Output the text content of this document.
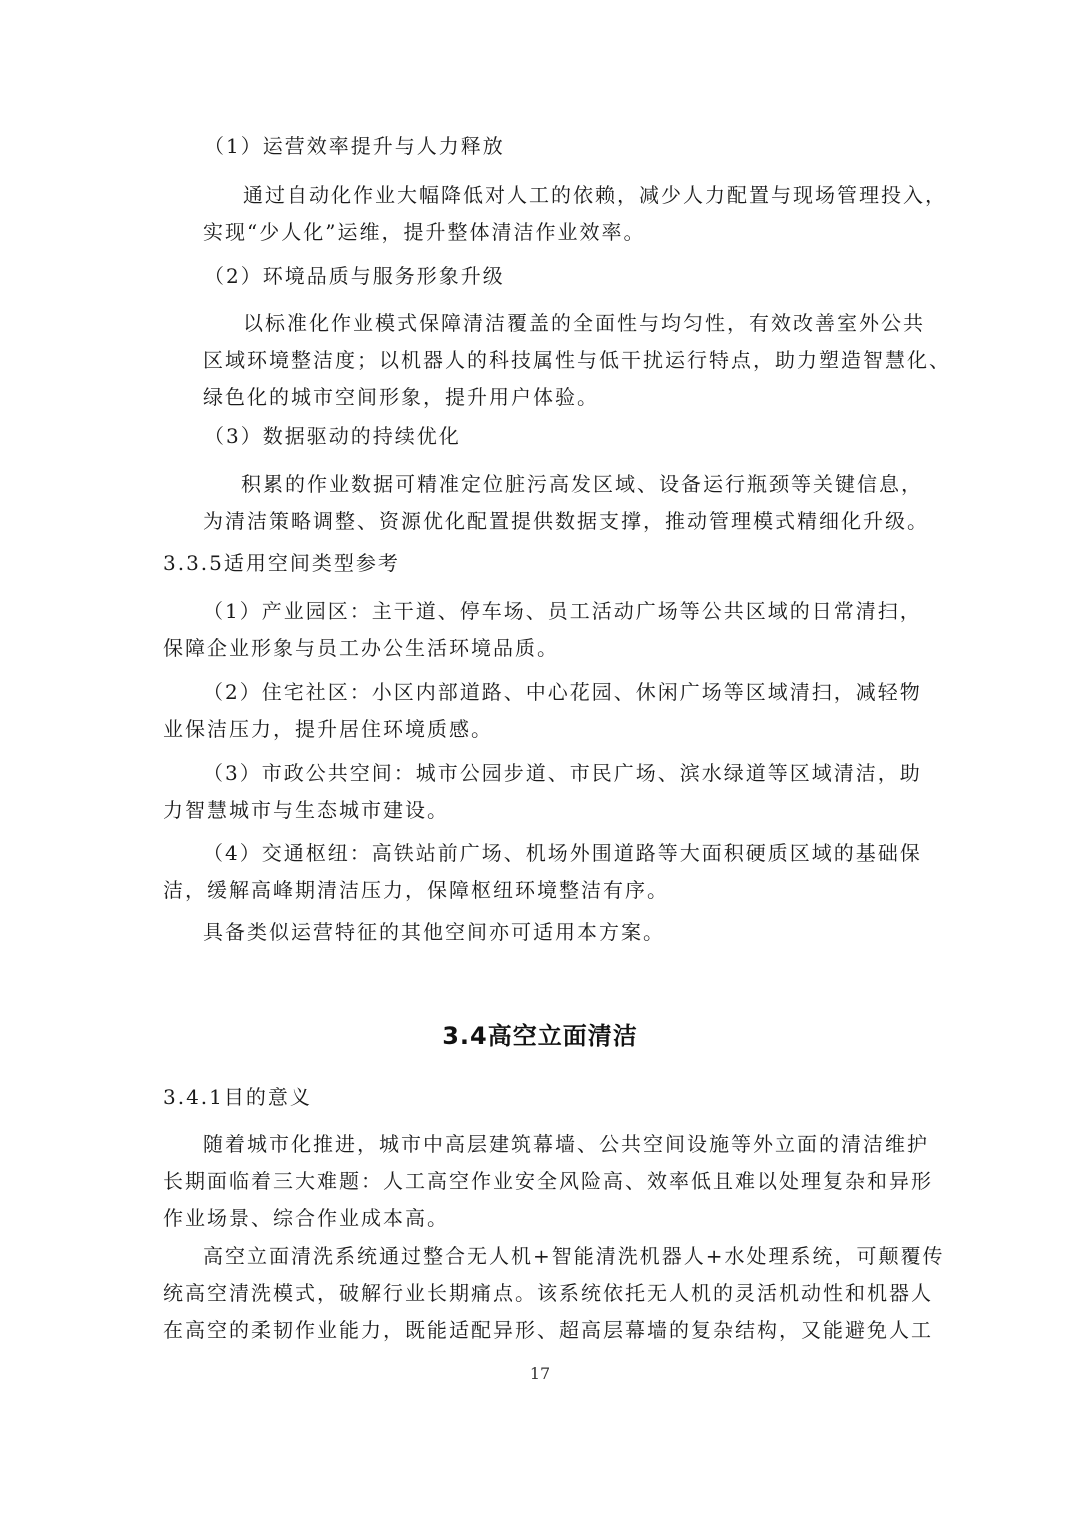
（1）运营效率提升与人力释放
通过自动化作业大幅降低对人工的依赖，减少人力配置与现场管理投入，
实现“少人化”运维，提升整体清洁作业效率。
（2）环境品质与服务形象升级
以标准化作业模式保障清洁覆盖的全面性与均匀性，有效改善室外公共
区域环境整洁度；以机器人的科技属性与低干扰运行特点，助力塑造智慧化、
绿色化的城市空间形象，提升用户体验。
（3）数据驱动的持续优化
积累的作业数据可精准定位脏污高发区域、设备运行瓶颈等关键信息，
为清洁策略调整、资源优化配置提供数据支撑，推动管理模式精细化升级。
3.3.5适用空间类型参考
（1）产业园区：主干道、停车场、员工活动广场等公共区域的日常清扫，
保障企业形象与员工办公生活环境品质。
（2）住宅社区：小区内部道路、中心花园、休闲广场等区域清扫，减轻物
业保洁压力，提升居住环境质感。
（3）市政公共空间：城市公园步道、市民广场、滨水绿道等区域清洁，助
力智慧城市与生态城市建设。
（4）交通枢纽：高铁站前广场、机场外围道路等大面积硬质区域的基础保
洁，缓解高峰期清洁压力，保障枢纽环境整洁有序。
具备类似运营特征的其他空间亦可适用本方案。
3.4高空立面清洁
3.4.1目的意义
随着城市化推进，城市中高层建筑幕墙、公共空间设施等外立面的清洁维护
长期面临着三大难题：人工高空作业安全风险高、效率低且难以处理复杂和异形
作业场景、综合作业成本高。
高空立面清洗系统通过整合无人机+智能清洗机器人+水处理系统，可颠覆传
统高空清洗模式，破解行业长期痛点。该系统依托无人机的灵活机动性和机器人
在高空的柔韧作业能力，既能适配异形、超高层幕墙的复杂结构，又能避免人工
17
